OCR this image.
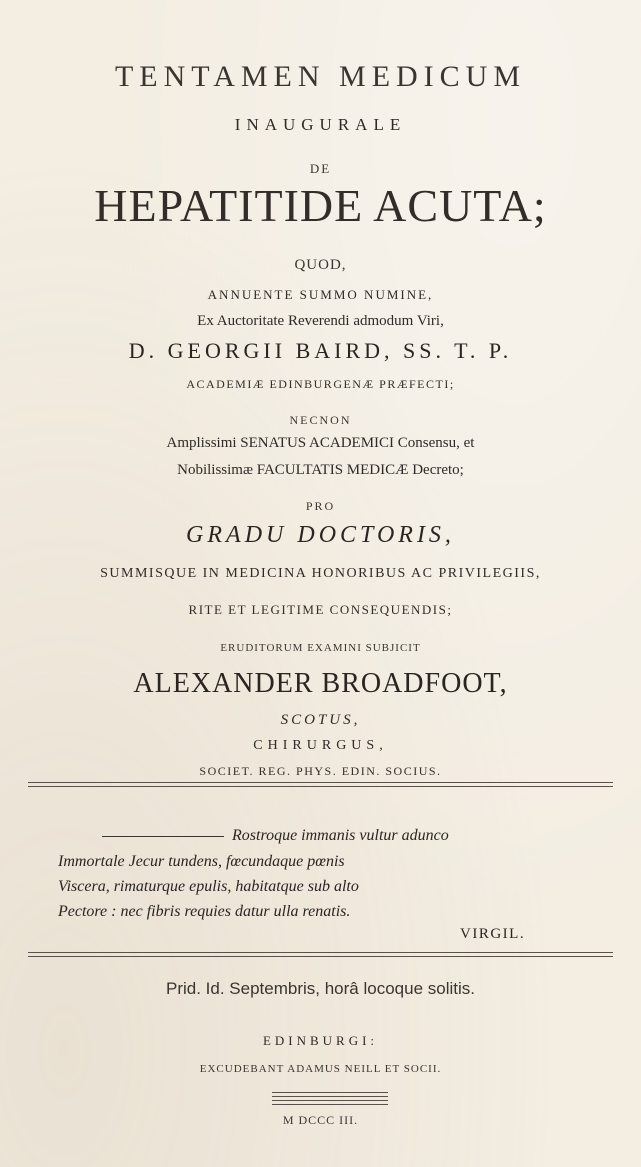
TENTAMEN MEDICUM
INAUGURALE
DE
HEPATITIDE ACUTA;
QUOD,
ANNUENTE SUMMO NUMINE,
Ex Auctoritate Reverendi admodum Viri,
D. GEORGII BAIRD, SS. T. P.
ACADEMIÆ EDINBURGENÆ PRÆFECTI;
NECNON
Amplissimi SENATUS ACADEMICI Consensu, et
Nobilissimæ FACULTATIS MEDICÆ Decreto;
PRO
GRADU DOCTORIS,
SUMMISQUE IN MEDICINA HONORIBUS AC PRIVILEGIIS,
RITE ET LEGITIME CONSEQUENDIS;
ERUDITORUM EXAMINI SUBJICIT
ALEXANDER BROADFOOT,
SCOTUS,
CHIRURGUS,
SOCIET. REG. PHYS. EDIN. SOCIUS.
Rostroque immanis vultur adunco
Immortale Jecur tundens, fœcundaque pœnis
Viscera, rimaturque epulis, habitatque sub alto
Pectore : nec fibris requies datur ulla renatis.
VIRGIL.
Prid. Id. Septembris, horâ locoque solitis.
EDINBURGI:
EXCUDEBANT ADAMUS NEILL ET SOCII.
M DCCC III.
